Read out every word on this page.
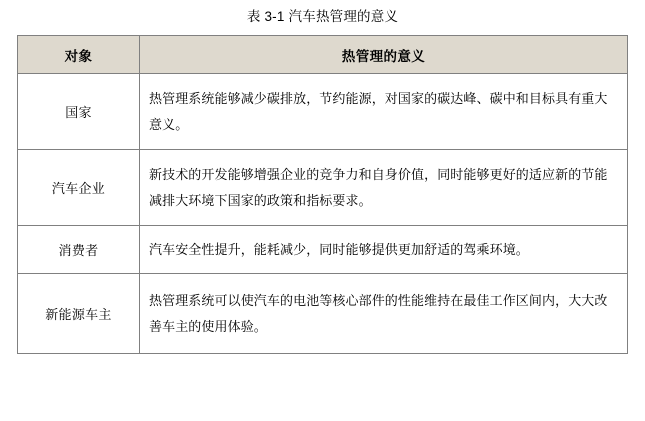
表 3-1 汽车热管理的意义
对象	热管理的意义
国家	热管理系统能够减少碳排放，节约能源，对国家的碳达峰、碳中和目标具有重大意义。
汽车企业	新技术的开发能够增强企业的竞争力和自身价值，同时能够更好的适应新的节能减排大环境下国家的政策和指标要求。
消费者	汽车安全性提升，能耗减少，同时能够提供更加舒适的驾乘环境。
新能源车主	热管理系统可以使汽车的电池等核心部件的性能维持在最佳工作区间内，大大改善车主的使用体验。
